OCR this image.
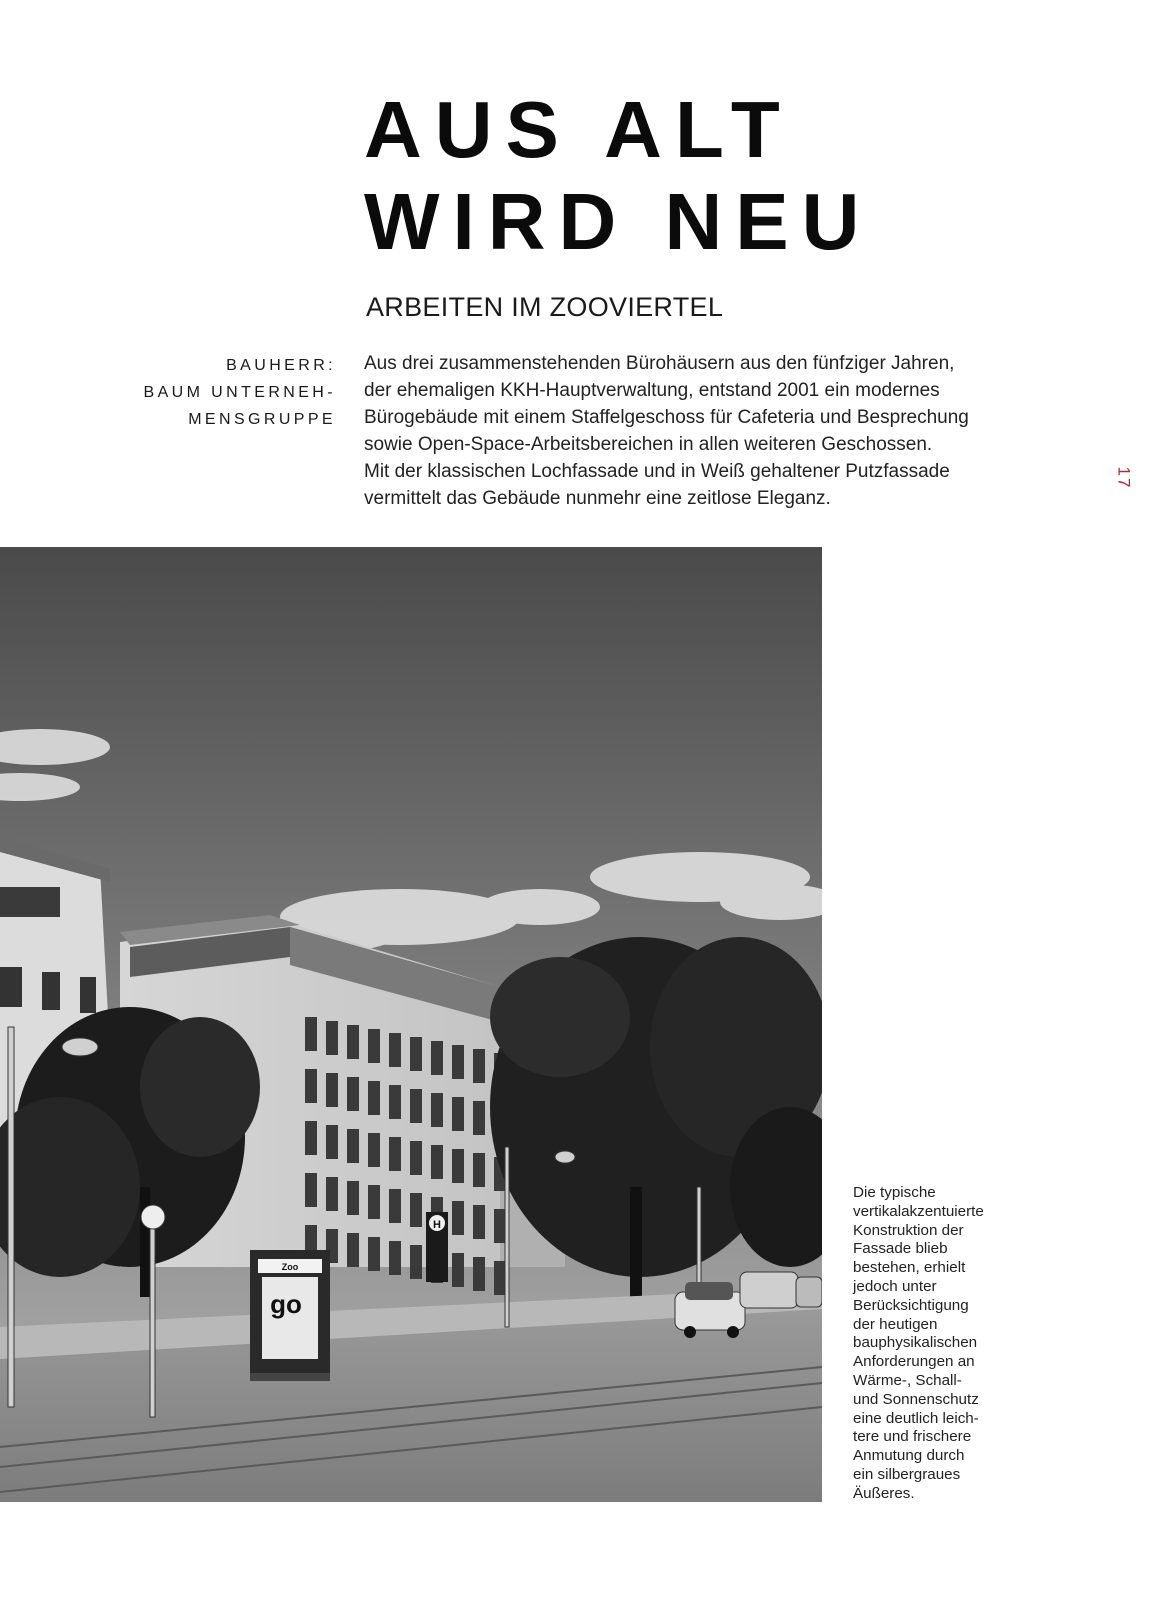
AUS ALT
WIRD NEU
ARBEITEN IM ZOOVIERTEL
BAUHERR:
BAUM UNTERNEH-
MENSGRUPPE
Aus drei zusammenstehenden Bürohäusern aus den fünfziger Jahren,
der ehemaligen KKH-Hauptverwaltung, entstand 2001 ein modernes
Bürogebäude mit einem Staffelgeschoss für Cafeteria und Besprechung
sowie Open-Space-Arbeitsbereichen in allen weiteren Geschossen.
Mit der klassischen Lochfassade und in Weiß gehaltener Putzfassade
vermittelt das Gebäude nunmehr eine zeitlose Eleganz.
17
H
Zoo
go
Die typische
vertikalakzentuierte
Konstruktion der
Fassade blieb
bestehen, erhielt
jedoch unter
Berücksichtigung
der heutigen
bauphysikalischen
Anforderungen an
Wärme-, Schall-
und Sonnenschutz
eine deutlich leich-
tere und frischere
Anmutung durch
ein silbergraues
Äußeres.
